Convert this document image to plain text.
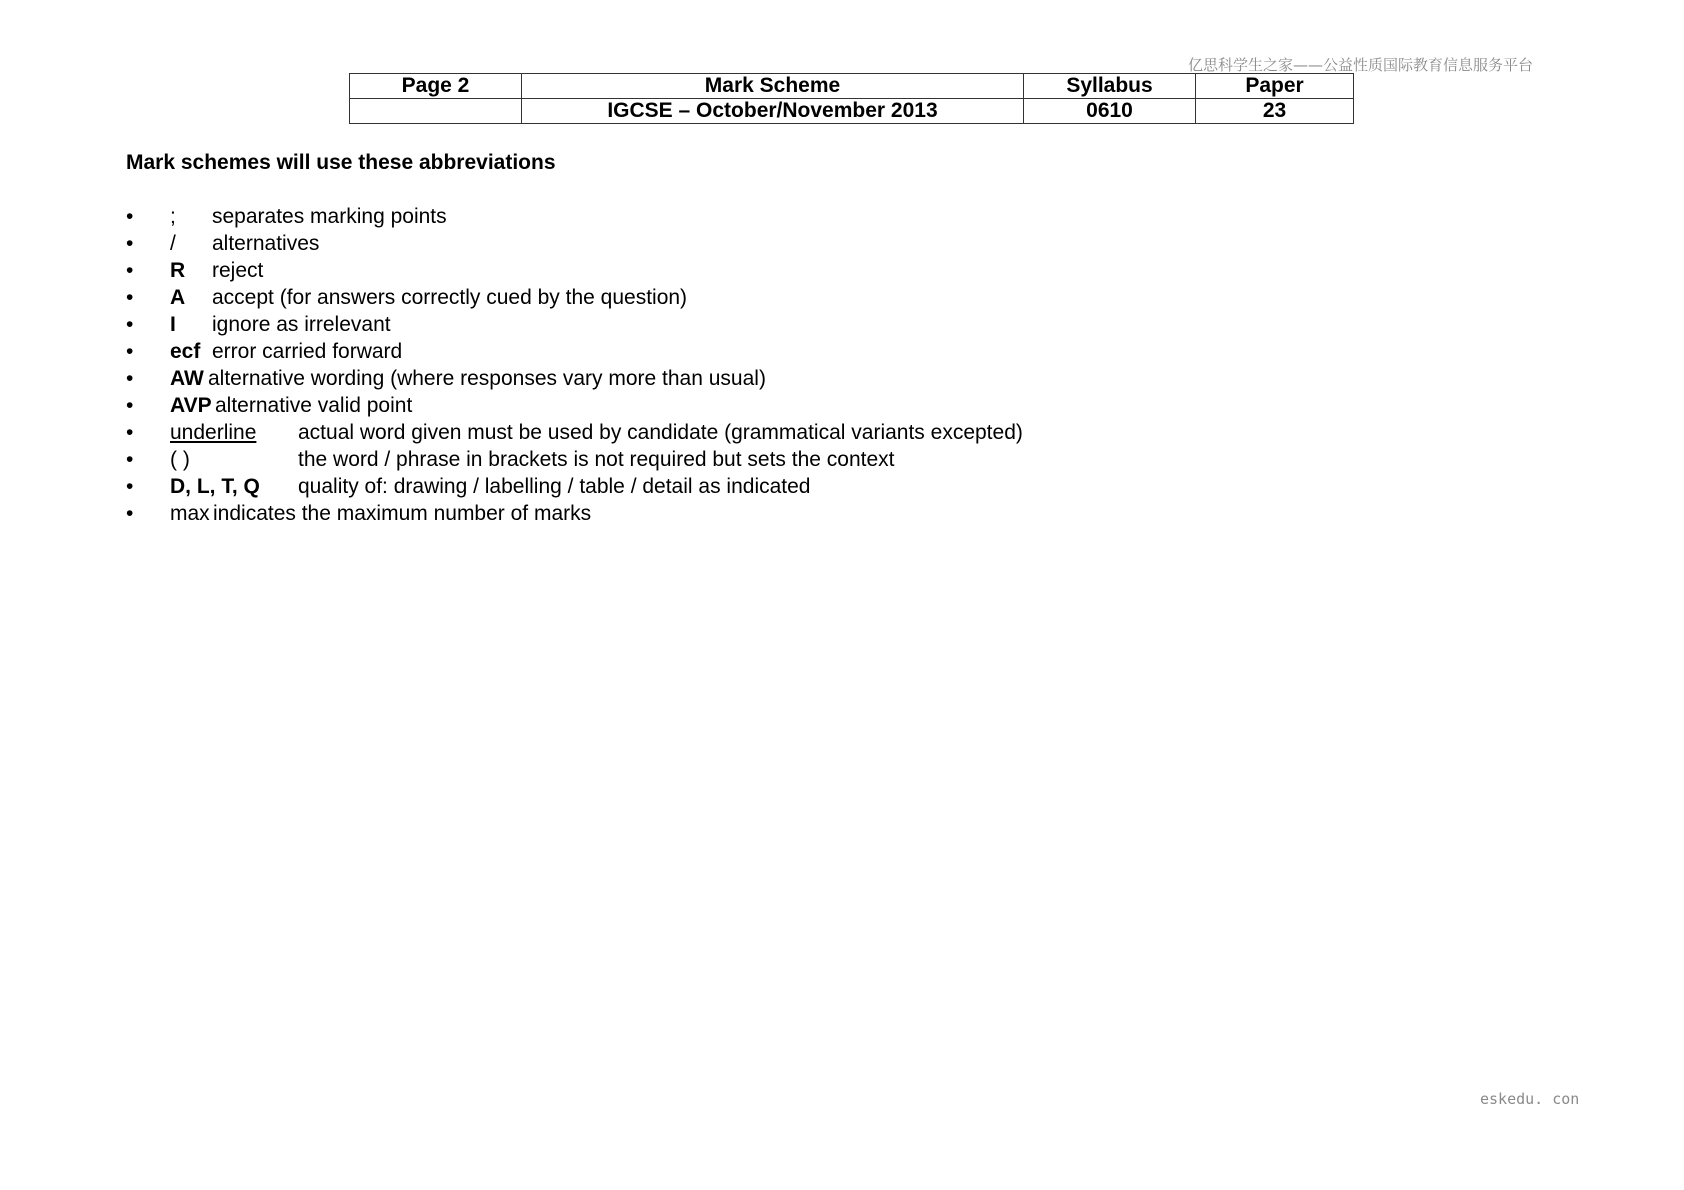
亿思科学生之家——公益性质国际教育信息服务平台
Page 2	Mark Scheme	Syllabus	Paper
	IGCSE – October/November 2013	0610	23
Mark schemes will use these abbreviations
• ; separates marking points
• / alternatives
• R reject
• A accept (for answers correctly cued by the question)
• I ignore as irrelevant
• ecf error carried forward
• AW alternative wording (where responses vary more than usual)
• AVP alternative valid point
• underline actual word given must be used by candidate (grammatical variants excepted)
• ( )	the word / phrase in brackets is not required but sets the context
• D, L, T, Q quality of: drawing / labelling / table / detail as indicated
• max indicates the maximum number of marks
eskedu. con
